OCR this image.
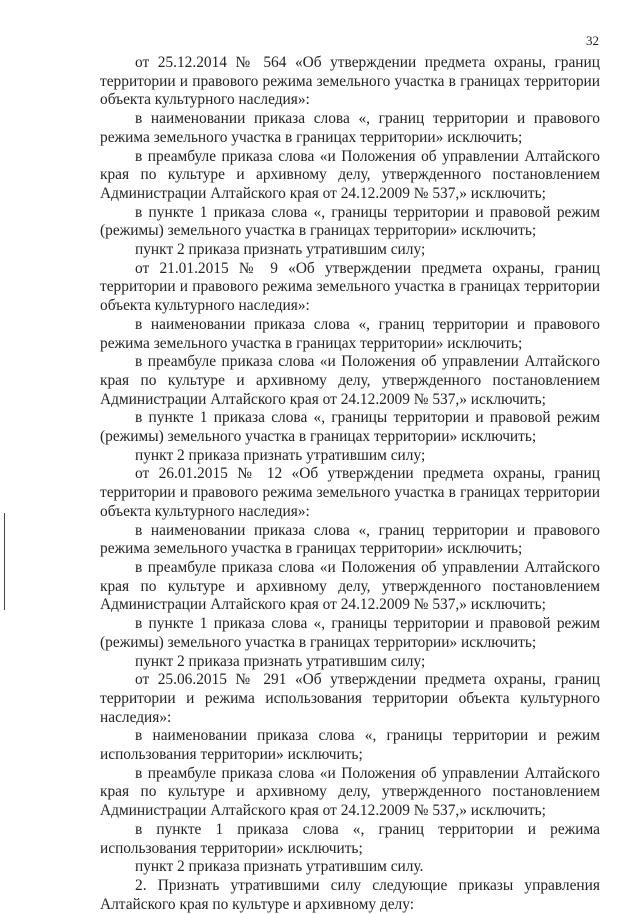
32

от 25.12.2014 № 564 «Об утверждении предмета охраны, границ территории и правового режима земельного участка в границах территории объекта культурного наследия»:

в наименовании приказа слова «, границ территории и правового режима земельного участка в границах территории» исключить;

в преамбуле приказа слова «и Положения об управлении Алтайского края по культуре и архивному делу, утвержденного постановлением Администрации Алтайского края от 24.12.2009 № 537,» исключить;

в пункте 1 приказа слова «, границы территории и правовой режим (режимы) земельного участка в границах территории» исключить;

пункт 2 приказа признать утратившим силу;

от 21.01.2015 № 9 «Об утверждении предмета охраны, границ территории и правового режима земельного участка в границах территории объекта культурного наследия»:

в наименовании приказа слова «, границ территории и правового режима земельного участка в границах территории» исключить;

в преамбуле приказа слова «и Положения об управлении Алтайского края по культуре и архивному делу, утвержденного постановлением Администрации Алтайского края от 24.12.2009 № 537,» исключить;

в пункте 1 приказа слова «, границы территории и правовой режим (режимы) земельного участка в границах территории» исключить;

пункт 2 приказа признать утратившим силу;

от 26.01.2015 № 12 «Об утверждении предмета охраны, границ территории и правового режима земельного участка в границах территории объекта культурного наследия»:

в наименовании приказа слова «, границ территории и правового режима земельного участка в границах территории» исключить;

в преамбуле приказа слова «и Положения об управлении Алтайского края по культуре и архивному делу, утвержденного постановлением Администрации Алтайского края от 24.12.2009 № 537,» исключить;

в пункте 1 приказа слова «, границы территории и правовой режим (режимы) земельного участка в границах территории» исключить;

пункт 2 приказа признать утратившим силу;

от 25.06.2015 № 291 «Об утверждении предмета охраны, границ территории и режима использования территории объекта культурного наследия»:

в наименовании приказа слова «, границы территории и режим использования территории» исключить;

в преамбуле приказа слова «и Положения об управлении Алтайского края по культуре и архивному делу, утвержденного постановлением Администрации Алтайского края от 24.12.2009 № 537,» исключить;

в пункте 1 приказа слова «, границ территории и режима использования территории» исключить;

пункт 2 приказа признать утратившим силу.

2. Признать утратившими силу следующие приказы управления Алтайского края по культуре и архивному делу:
